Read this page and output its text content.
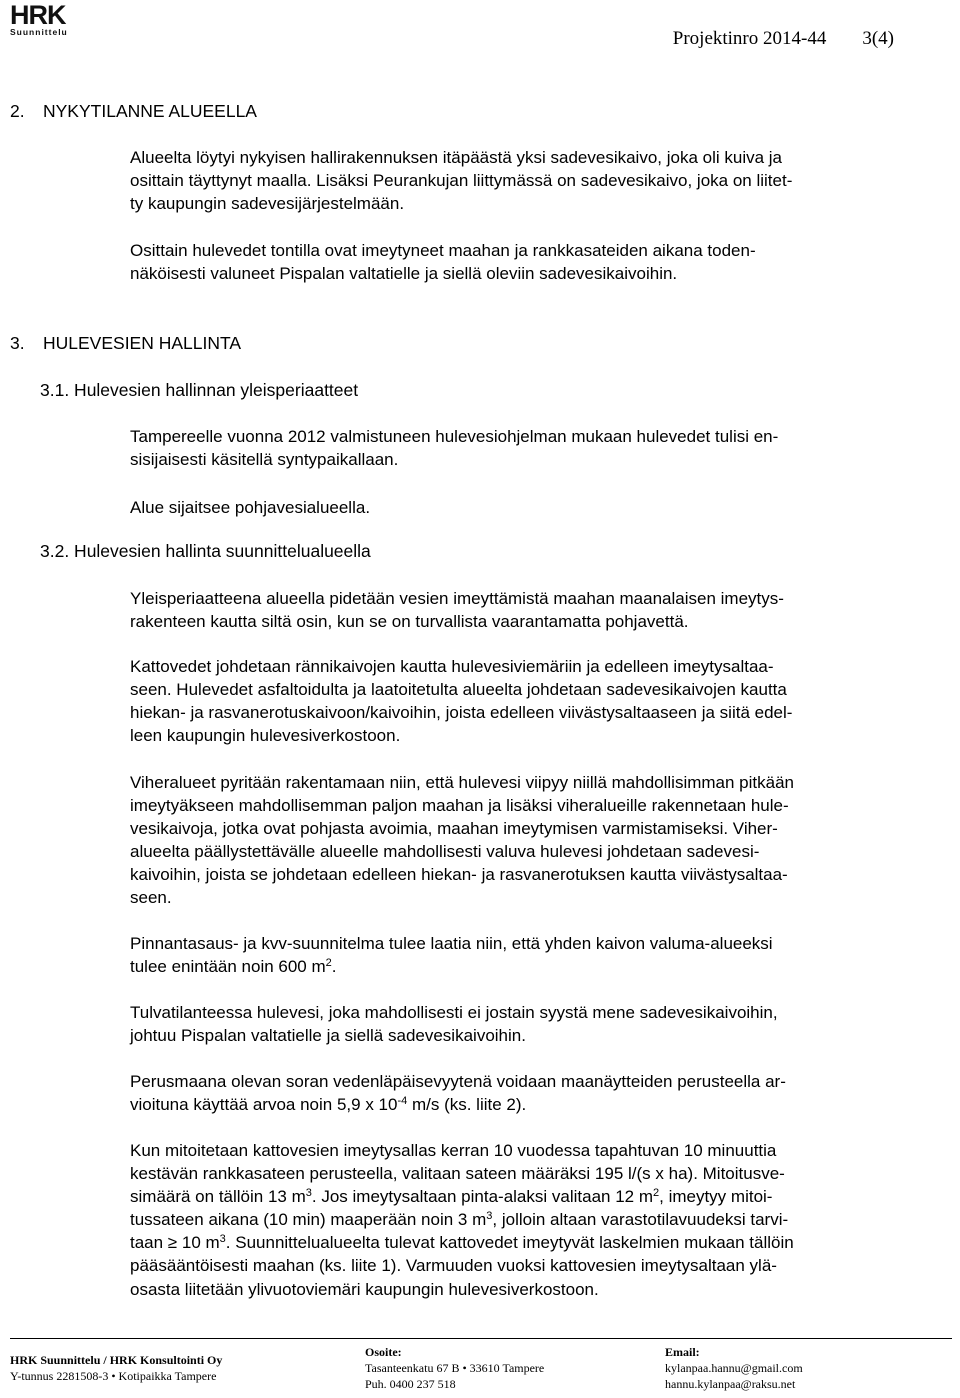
HRK
Suunnittelu	Projektinro 2014-44 3(4)
2. NYKYTILANNE ALUEELLA

Alueelta löytyi nykyisen hallirakennuksen itäpäästä yksi sadevesikaivo, joka oli kuiva ja
osittain täyttynyt maalla. Lisäksi Peurankujan liittymässä on sadevesikaivo, joka on liitet-
ty kaupungin sadevesijärjestelmään.

Osittain hulevedet tontilla ovat imeytyneet maahan ja rankkasateiden aikana toden-
näköisesti valuneet Pispalan valtatielle ja siellä oleviin sadevesikaivoihin.

3. HULEVESIEN HALLINTA
3.1. Hulevesien hallinnan yleisperiaatteet

Tampereelle vuonna 2012 valmistuneen hulevesiohjelman mukaan hulevedet tulisi en-
sisijaisesti käsitellä syntypaikallaan.

Alue sijaitsee pohjavesialueella.

3.2. Hulevesien hallinta suunnittelualueella

Yleisperiaatteena alueella pidetään vesien imeyttämistä maahan maanalaisen imeytys-
rakenteen kautta siltä osin, kun se on turvallista vaarantamatta pohjavettä.

Kattovedet johdetaan rännikaivojen kautta hulevesiviemäriin ja edelleen imeytysaltaa-
seen. Hulevedet asfaltoidulta ja laatoitetulta alueelta johdetaan sadevesikaivojen kautta
hiekan- ja rasvanerotuskaivoon/kaivoihin, joista edelleen viivästysaltaaseen ja siitä edel-
leen kaupungin hulevesiverkostoon.

Viheralueet pyritään rakentamaan niin, että hulevesi viipyy niillä mahdollisimman pitkään
imeytyäkseen mahdollisemman paljon maahan ja lisäksi viheralueille rakennetaan hule-
vesikaivoja, jotka ovat pohjasta avoimia, maahan imeytymisen varmistamiseksi. Viher-
alueelta päällystettävälle alueelle mahdollisesti valuva hulevesi johdetaan sadevesi-
kaivoihin, joista se johdetaan edelleen hiekan- ja rasvanerotuksen kautta viivästysaltaa-
seen.

Pinnantasaus- ja kvv-suunnitelma tulee laatia niin, että yhden kaivon valuma-alueeksi
tulee enintään noin 600 $m^2$.

Tulvatilanteessa hulevesi, joka mahdollisesti ei jostain syystä mene sadevesikaivoihin,
johtuu Pispalan valtatielle ja siellä sadevesikaivoihin.

Perusmaana olevan soran vedenläpäisevyytenä voidaan maanäytteiden perusteella ar-
vioituna käyttää arvoa noin 5,9 x $10^{-4}$ m/s (ks. liite 2).

Kun mitoitetaan kattovesien imeytysallas kerran 10 vuodessa tapahtuvan 10 minuuttia
kestävän rankkasateen perusteella, valitaan sateen määräksi 195 l/(s x ha). Mitoitusve-
simäärä on tällöin 13 $m^3$. Jos imeytysaltaan pinta-alaksi valitaan 12 $m^2$, imeytyy mitoi-
tussateen aikana (10 min) maaperään noin 3 $m^3$, jolloin altaan varastotilavuudeksi tarvi-
taan ≥ 10 $m^3$. Suunnittelualueelta tulevat kattovedet imeytyvät laskelmien mukaan tällöin
pääsääntöisesti maahan (ks. liite 1). Varmuuden vuoksi kattovesien imeytysaltaan ylä-
osasta liitetään ylivuotoviemäri kaupungin hulevesiverkostoon.

HRK Suunnittelu / HRK Konsultointi Oy
Y-tunnus 2281508-3 • Kotipaikka Tampere
Osoite:
Tasanteenkatu 67 B • 33610 Tampere
Puh. 0400 237 518
Email:
kylanpaa.hannu@gmail.com
hannu.kylanpaa@raksu.net
